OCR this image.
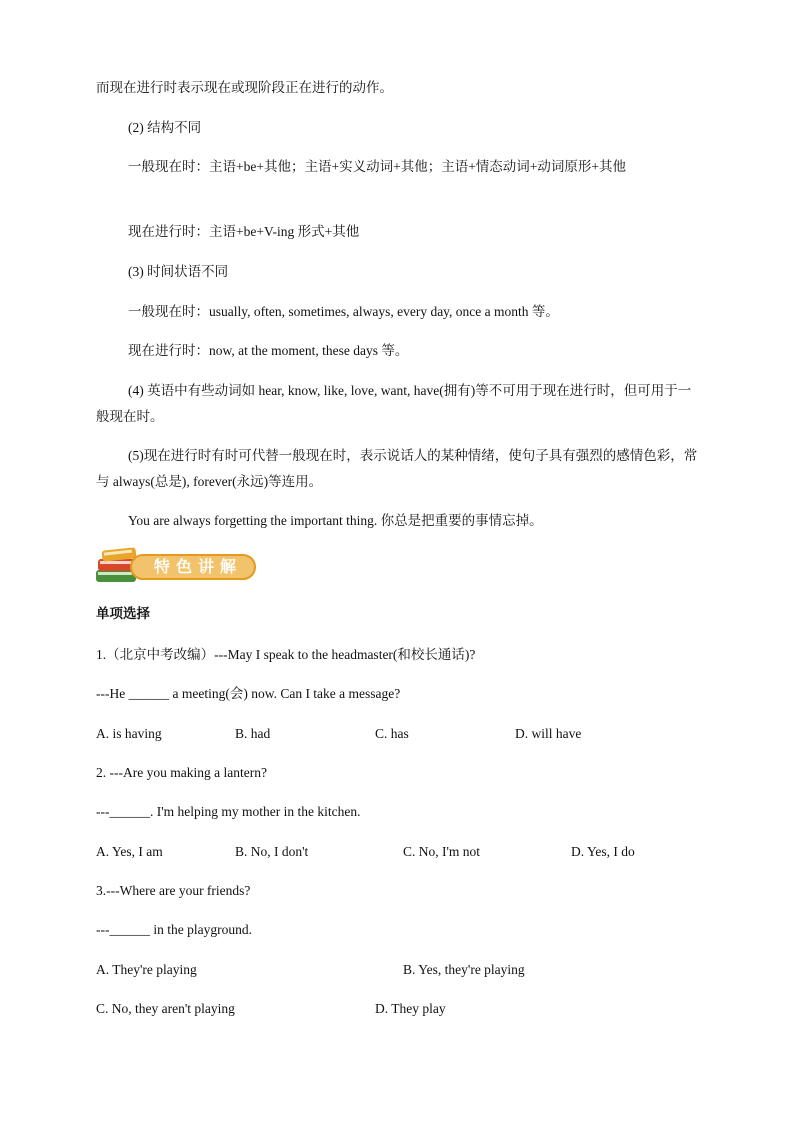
而现在进行时表示现在或现阶段正在进行的动作。
(2) 结构不同
一般现在时：主语+be+其他；主语+实义动词+其他；主语+情态动词+动词原形+其他
现在进行时：主语+be+V-ing 形式+其他
(3) 时间状语不同
一般现在时：usually, often, sometimes, always, every day, once a month 等。
现在进行时：now, at the moment, these days 等。
(4) 英语中有些动词如 hear, know, like, love, want, have(拥有)等不可用于现在进行时，但可用于一般现在时。
(5)现在进行时有时可代替一般现在时，表示说话人的某种情绪，使句子具有强烈的感情色彩，常与 always(总是), forever(永远)等连用。
You are always forgetting the important thing. 你总是把重要的事情忘掉。
特色讲解
单项选择
1.（北京中考改编）---May I speak to the headmaster(和校长通话)?
---He ______ a meeting(会) now. Can I take a message?
A. is having	B. had	C. has	D. will have
2. ---Are you making a lantern?
---______. I'm helping my mother in the kitchen.
A. Yes, I am	B. No, I don't	C. No, I'm not	D. Yes, I do
3.---Where are your friends?
---______ in the playground.
A. They're playing	B. Yes, they're playing
C. No, they aren't playing	D. They play
